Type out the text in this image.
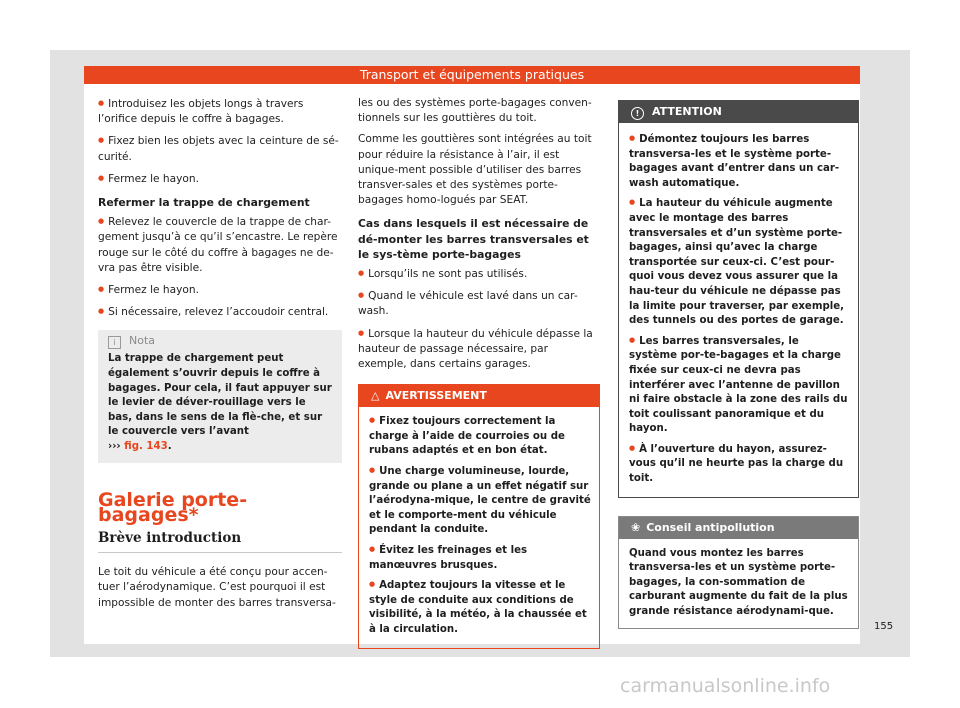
Transport et équipements pratiques

● Introduisez les objets longs à travers l’orifice depuis le coffre à bagages.

● Fixez bien les objets avec la ceinture de sé-curité.

● Fermez le hayon.

Refermer la trappe de chargement

● Relevez le couvercle de la trappe de char-gement jusqu’à ce qu’il s’encastre. Le repère rouge sur le côté du coffre à bagages ne de-vra pas être visible.

● Fermez le hayon.

● Si nécessaire, relevez l’accoudoir central.

i Nota
La trappe de chargement peut également s’ouvrir depuis le coffre à bagages. Pour cela, il faut appuyer sur le levier de déver-rouillage vers le bas, dans le sens de la flè-che, et sur le couvercle vers l’avant
››› fig. 143.
Galerie porte-bagages*
Brève introduction

Le toit du véhicule a été conçu pour accen-tuer l’aérodynamique. C’est pourquoi il est impossible de monter des barres transversa-

les ou des systèmes porte-bagages conven-tionnels sur les gouttières du toit.

Comme les gouttières sont intégrées au toit pour réduire la résistance à l’air, il est unique-ment possible d’utiliser des barres transver-sales et des systèmes porte-bagages homo-logués par SEAT.

Cas dans lesquels il est nécessaire de dé-monter les barres transversales et le sys-tème porte-bagages

● Lorsqu’ils ne sont pas utilisés.

● Quand le véhicule est lavé dans un car-wash.

● Lorsque la hauteur du véhicule dépasse la hauteur de passage nécessaire, par exemple, dans certains garages.

△ AVERTISSEMENT

● Fixez toujours correctement la charge à l’aide de courroies ou de rubans adaptés et en bon état.

● Une charge volumineuse, lourde, grande ou plane a un effet négatif sur l’aérodyna-mique, le centre de gravité et le comporte-ment du véhicule pendant la conduite.

● Évitez les freinages et les manœuvres brusques.

● Adaptez toujours la vitesse et le style de conduite aux conditions de visibilité, à la météo, à la chaussée et à la circulation.

! ATTENTION

● Démontez toujours les barres transversa-les et le système porte-bagages avant d’entrer dans un car-wash automatique.

● La hauteur du véhicule augmente avec le montage des barres transversales et d’un système porte-bagages, ainsi qu’avec la charge transportée sur ceux-ci. C’est pour-quoi vous devez vous assurer que la hau-teur du véhicule ne dépasse pas la limite pour traverser, par exemple, des tunnels ou des portes de garage.

● Les barres transversales, le système por-te-bagages et la charge fixée sur ceux-ci ne devra pas interférer avec l’antenne de pavillon ni faire obstacle à la zone des rails du toit coulissant panoramique et du hayon.

● À l’ouverture du hayon, assurez-vous qu’il ne heurte pas la charge du toit.

❀ Conseil antipollution
Quand vous montez les barres transversa-les et un système porte-bagages, la con-sommation de carburant augmente du fait de la plus grande résistance aérodynami-que.
155
carmanualsonline.info
